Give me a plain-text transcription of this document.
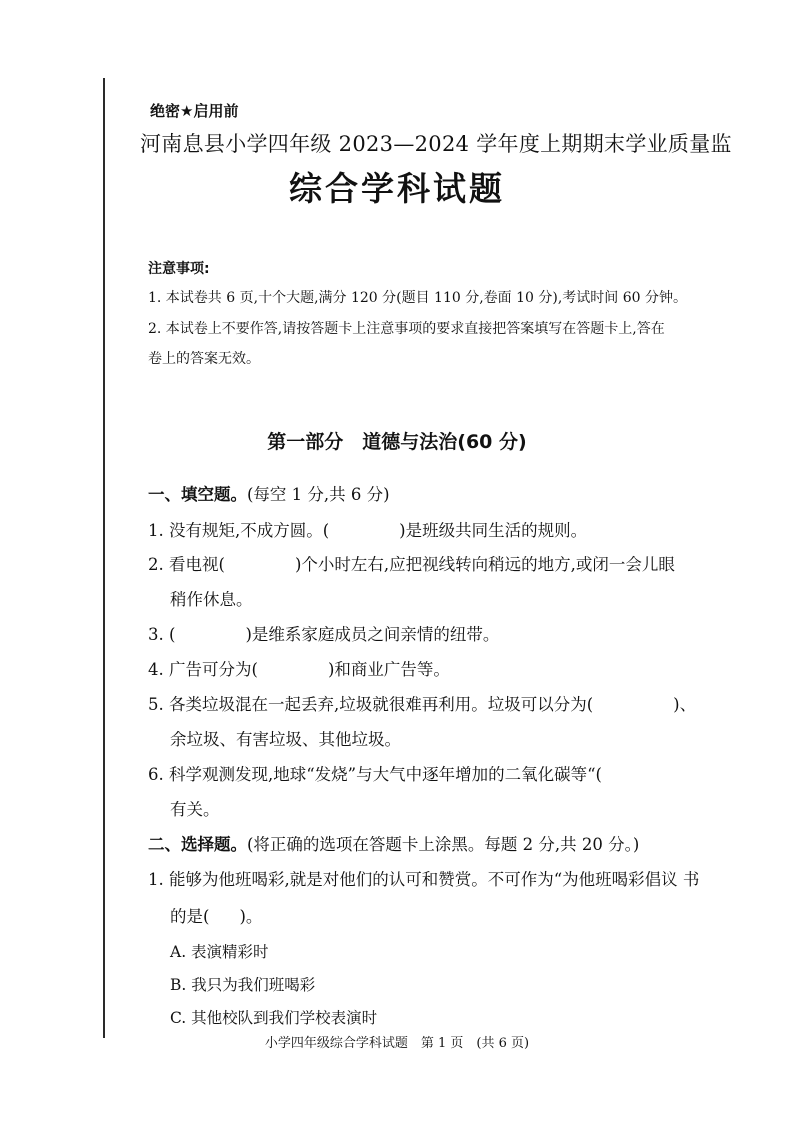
绝密★启用前
河南息县小学四年级 2023—2024 学年度上期期末学业质量监
综合学科试题
注意事项:
1. 本试卷共 6 页,十个大题,满分 120 分(题目 110 分,卷面 10 分),考试时间 60 分钟。
2. 本试卷上不要作答,请按答题卡上注意事项的要求直接把答案填写在答题卡上,答在
卷上的答案无效。
第一部分　道德与法治(60 分)
一、填空题。(每空 1 分,共 6 分)
1. 没有规矩,不成方圆。(	)是班级共同生活的规则。
2. 看电视(	)个小时左右,应把视线转向稍远的地方,或闭一会儿眼
稍作休息。
3. (	)是维系家庭成员之间亲情的纽带。
4. 广告可分为(	)和商业广告等。
5. 各类垃圾混在一起丢弃,垃圾就很难再利用。垃圾可以分为(	)、
余垃圾、有害垃圾、其他垃圾。
6. 科学观测发现,地球“发烧”与大气中逐年增加的二氧化碳等“(
有关。
二、选择题。(将正确的选项在答题卡上涂黑。每题 2 分,共 20 分。)
1. 能够为他班喝彩,就是对他们的认可和赞赏。不可作为“为他班喝彩倡议 书
的是( )。
A. 表演精彩时
B. 我只为我们班喝彩
C. 其他校队到我们学校表演时
小学四年级综合学科试题　第 1 页　(共 6 页)
